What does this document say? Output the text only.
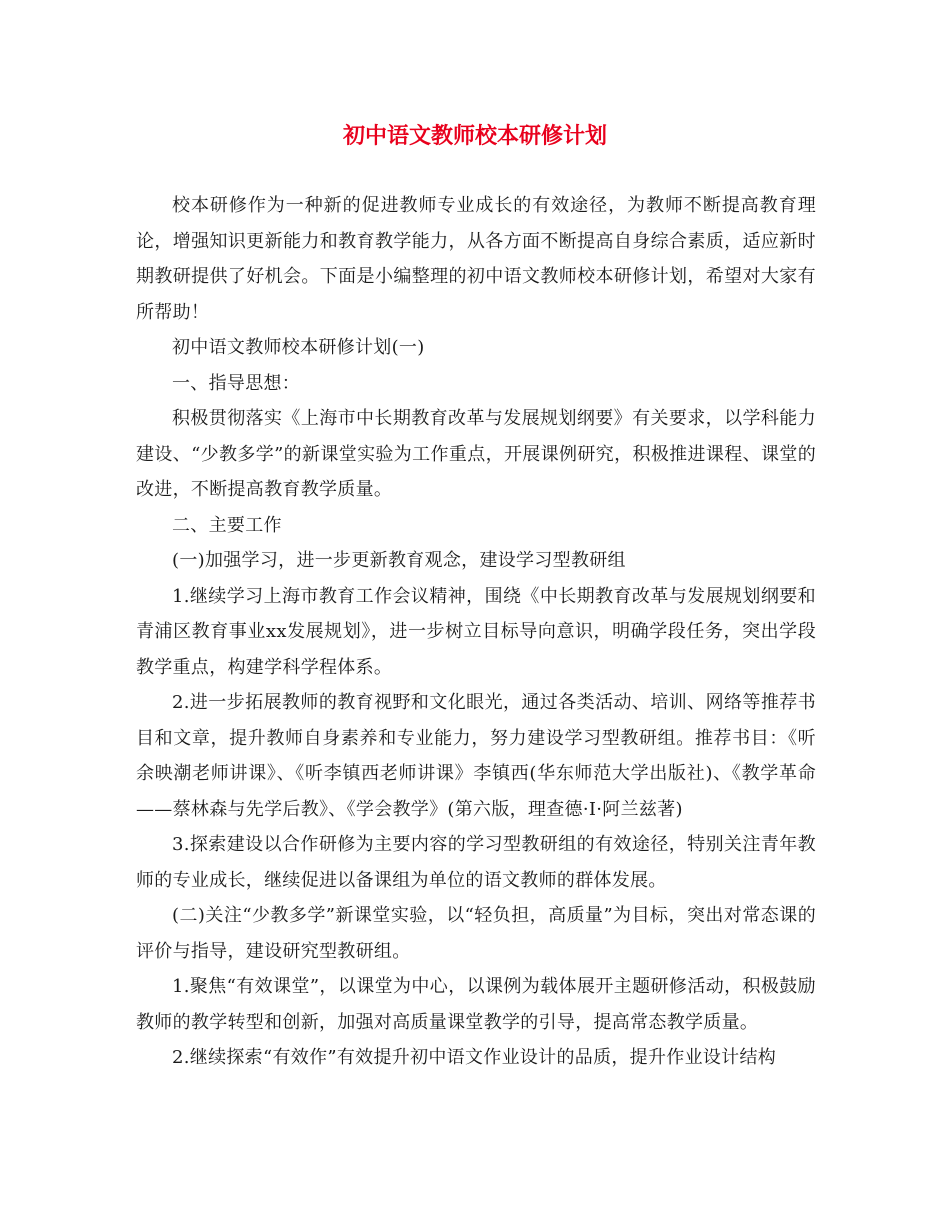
初中语文教师校本研修计划

校本研修作为一种新的促进教师专业成长的有效途径，为教师不断提高教育理论，增强知识更新能力和教育教学能力，从各方面不断提高自身综合素质，适应新时期教研提供了好机会。下面是小编整理的初中语文教师校本研修计划，希望对大家有所帮助！

初中语文教师校本研修计划(一)

一、指导思想：

积极贯彻落实《上海市中长期教育改革与发展规划纲要》有关要求，以学科能力建设、“少教多学”的新课堂实验为工作重点，开展课例研究，积极推进课程、课堂的改进，不断提高教育教学质量。

二、主要工作

(一)加强学习，进一步更新教育观念，建设学习型教研组

1.继续学习上海市教育工作会议精神，围绕《中长期教育改革与发展规划纲要和青浦区教育事业xx发展规划》，进一步树立目标导向意识，明确学段任务，突出学段教学重点，构建学科学程体系。

2.进一步拓展教师的教育视野和文化眼光，通过各类活动、培训、网络等推荐书目和文章，提升教师自身素养和专业能力，努力建设学习型教研组。推荐书目：《听余映潮老师讲课》、《听李镇西老师讲课》李镇西(华东师范大学出版社)、《教学革命——蔡林森与先学后教》、《学会教学》(第六版，理查德·I·阿兰兹著)

3.探索建设以合作研修为主要内容的学习型教研组的有效途径，特别关注青年教师的专业成长，继续促进以备课组为单位的语文教师的群体发展。

(二)关注“少教多学”新课堂实验，以“轻负担，高质量”为目标，突出对常态课的评价与指导，建设研究型教研组。

1.聚焦“有效课堂”，以课堂为中心，以课例为载体展开主题研修活动，积极鼓励教师的教学转型和创新，加强对高质量课堂教学的引导，提高常态教学质量。

2.继续探索“有效作”有效提升初中语文作业设计的品质，提升作业设计结构
